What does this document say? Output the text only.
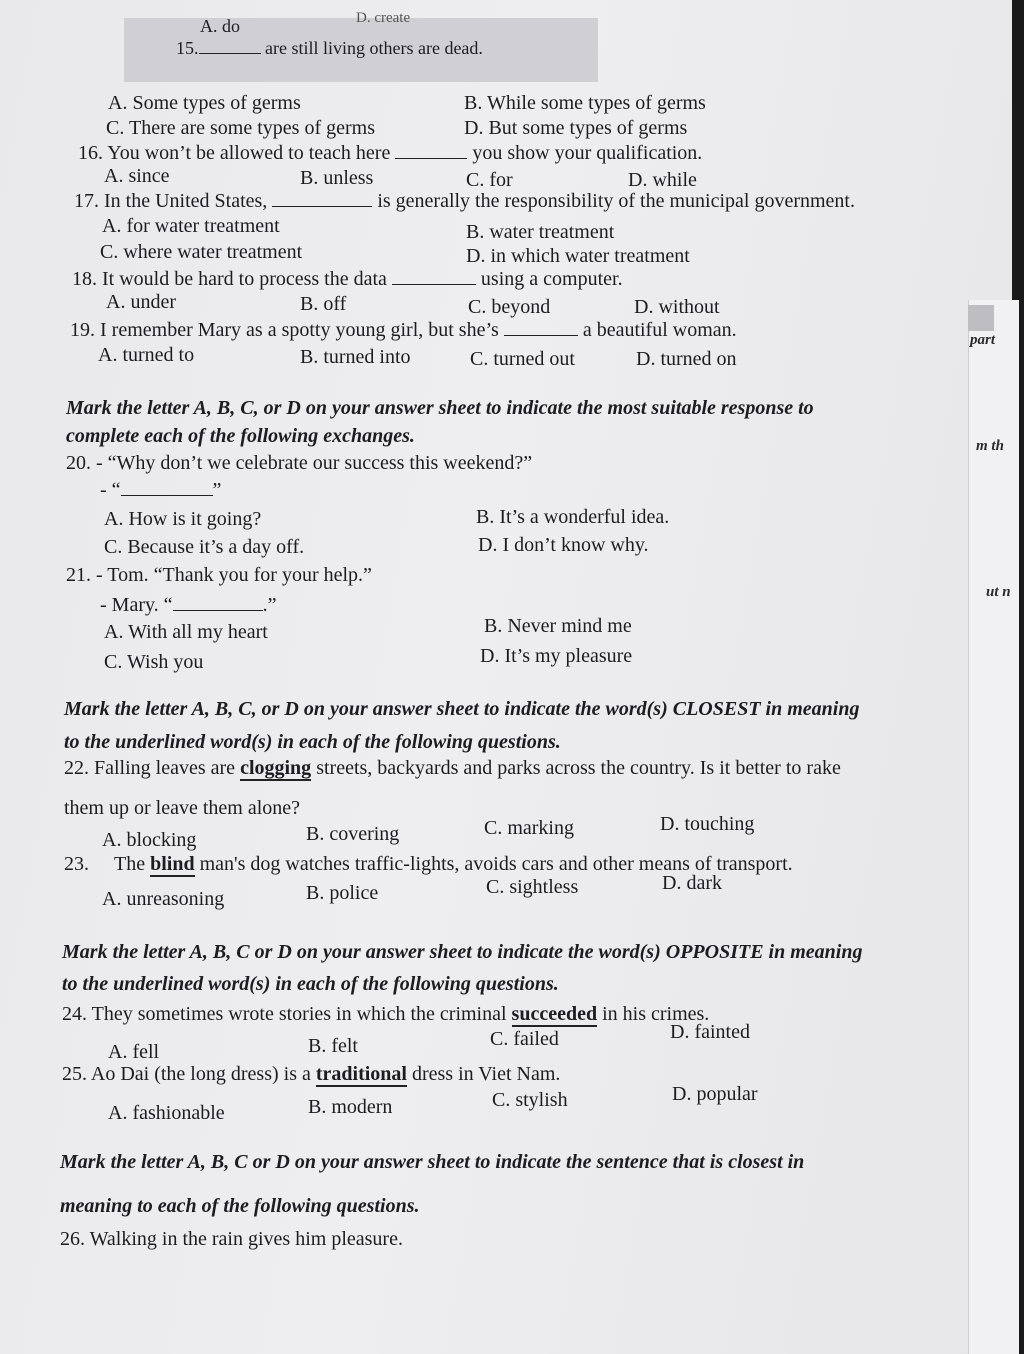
part
m th
ut n
A. do	D. create
15.	are still living others are dead.
A. Some types of germs	B. While some types of germs
C. There are some types of germs	D. But some types of germs
16. You won’t be allowed to teach here	you show your qualification.
A. since	B. unless	C. for	D. while
17. In the United States,	is generally the responsibility of the municipal government.
A. for water treatment	B. water treatment
C. where water treatment	D. in which water treatment
18. It would be hard to process the data	using a computer.
A. under	B. off	C. beyond	D. without
19. I remember Mary as a spotty young girl, but she’s	a beautiful woman.
A. turned to	B. turned into	C. turned out	D. turned on
Mark the letter A, B, C, or D on your answer sheet to indicate the most suitable response to
complete each of the following exchanges.
20. - “Why don’t we celebrate our success this weekend?”
- “	”
A. How is it going?	B. It’s a wonderful idea.
C. Because it’s a day off.	D. I don’t know why.
21. - Tom. “Thank you for your help.”
- Mary. “	.”
A. With all my heart	B. Never mind me
C. Wish you	D. It’s my pleasure
Mark the letter A, B, C, or D on your answer sheet to indicate the word(s) CLOSEST in meaning
to the underlined word(s) in each of the following questions.
22. Falling leaves are clogging streets, backyards and parks across the country. Is it better to rake
them up or leave them alone?
A. blocking	B. covering	C. marking	D. touching
23. The blind man's dog watches traffic-lights, avoids cars and other means of transport.
A. unreasoning	B. police	C. sightless	D. dark
Mark the letter A, B, C or D on your answer sheet to indicate the word(s) OPPOSITE in meaning
to the underlined word(s) in each of the following questions.
24. They sometimes wrote stories in which the criminal succeeded in his crimes.
A. fell	B. felt	C. failed	D. fainted
25. Ao Dai (the long dress) is a traditional dress in Viet Nam.
A. fashionable	B. modern	C. stylish	D. popular
Mark the letter A, B, C or D on your answer sheet to indicate the sentence that is closest in
meaning to each of the following questions.
26. Walking in the rain gives him pleasure.
